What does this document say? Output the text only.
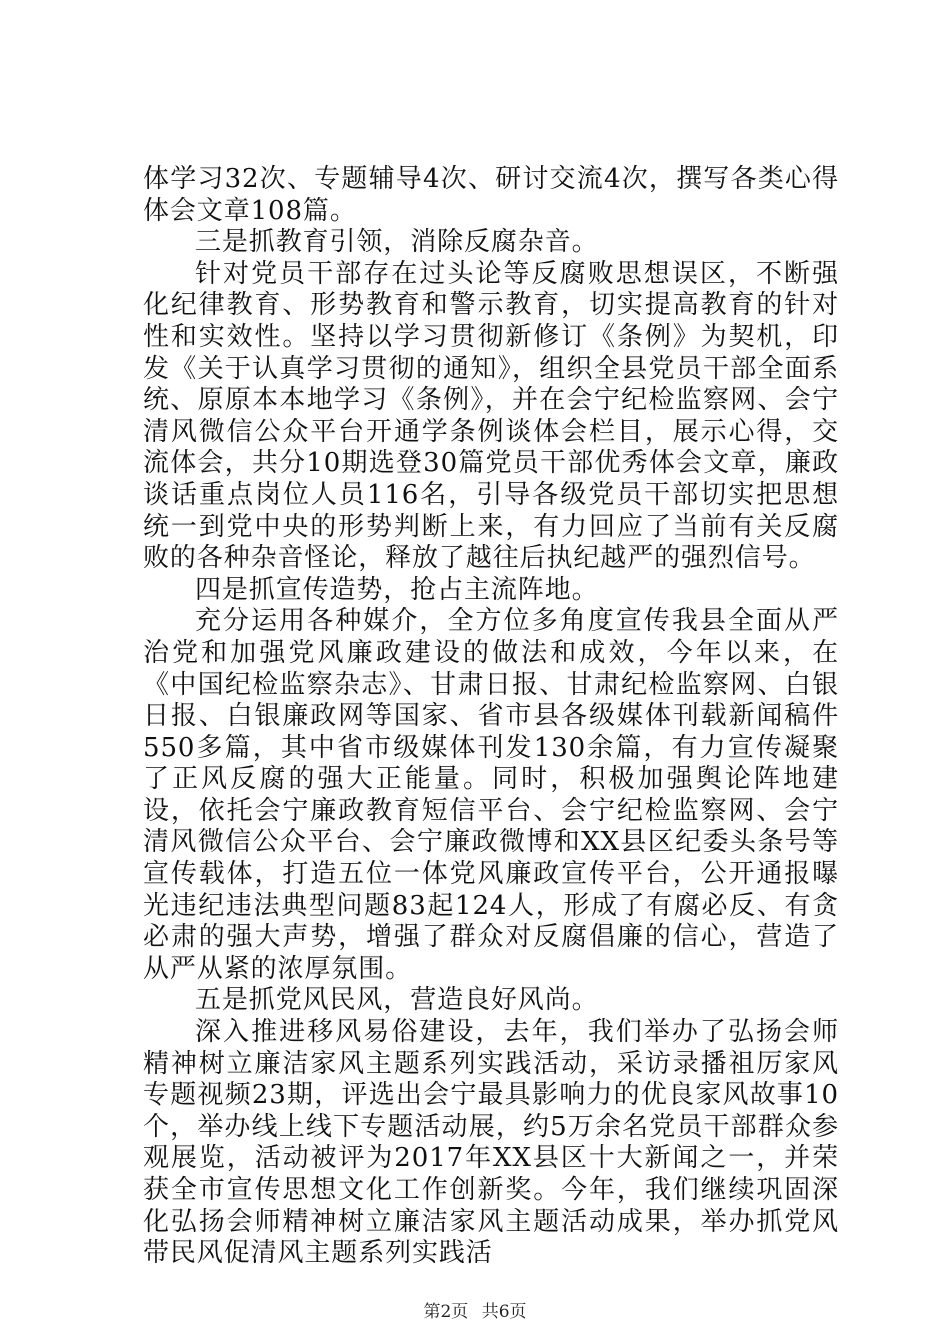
体学习32次、专题辅导4次、研讨交流4次，撰写各类心得体会文章108篇。

三是抓教育引领，消除反腐杂音。

针对党员干部存在过头论等反腐败思想误区，不断强化纪律教育、形势教育和警示教育，切实提高教育的针对性和实效性。坚持以学习贯彻新修订《条例》为契机，印发《关于认真学习贯彻的通知》，组织全县党员干部全面系统、原原本本地学习《条例》，并在会宁纪检监察网、会宁清风微信公众平台开通学条例谈体会栏目，展示心得，交流体会，共分10期选登30篇党员干部优秀体会文章，廉政谈话重点岗位人员116名，引导各级党员干部切实把思想统一到党中央的形势判断上来，有力回应了当前有关反腐败的各种杂音怪论，释放了越往后执纪越严的强烈信号。

四是抓宣传造势，抢占主流阵地。

充分运用各种媒介，全方位多角度宣传我县全面从严治党和加强党风廉政建设的做法和成效，今年以来，在《中国纪检监察杂志》、甘肃日报、甘肃纪检监察网、白银日报、白银廉政网等国家、省市县各级媒体刊载新闻稿件550多篇，其中省市级媒体刊发130余篇，有力宣传凝聚了正风反腐的强大正能量。同时，积极加强舆论阵地建设，依托会宁廉政教育短信平台、会宁纪检监察网、会宁清风微信公众平台、会宁廉政微博和XX县区纪委头条号等宣传载体，打造五位一体党风廉政宣传平台，公开通报曝光违纪违法典型问题83起124人，形成了有腐必反、有贪必肃的强大声势，增强了群众对反腐倡廉的信心，营造了从严从紧的浓厚氛围。

五是抓党风民风，营造良好风尚。

深入推进移风易俗建设，去年，我们举办了弘扬会师精神树立廉洁家风主题系列实践活动，采访录播祖厉家风专题视频23期，评选出会宁最具影响力的优良家风故事10个，举办线上线下专题活动展，约5万余名党员干部群众参观展览，活动被评为2017年XX县区十大新闻之一，并荣获全市宣传思想文化工作创新奖。今年，我们继续巩固深化弘扬会师精神树立廉洁家风主题活动成果，举办抓党风带民风促清风主题系列实践活

第2页 共6页
